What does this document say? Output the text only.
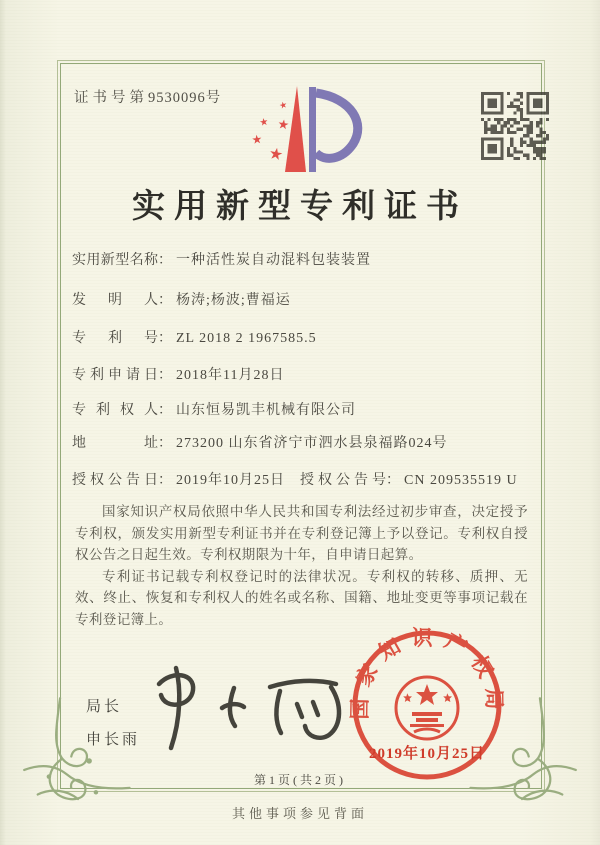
证书号第9530096号
★
★ ★
★
★
实用新型专利证书
实用新型名称： 一种活性炭自动混料包装装置
发明人： 杨涛;杨波;曹福运
专利号： ZL 2018 2 1967585.5
专利申请日： 2018年11月28日
专利权人： 山东恒易凯丰机械有限公司
地址： 273200 山东省济宁市泗水县泉福路024号
授权公告日： 2019年10月25日 授权公告号： CN 209535519 U

国家知识产权局依照中华人民共和国专利法经过初步审查，决定授予专利权，颁发实用新型专利证书并在专利登记簿上予以登记。专利权自授权公告之日起生效。专利权期限为十年，自申请日起算。

专利证书记载专利权登记时的法律状况。专利权的转移、质押、无效、终止、恢复和专利权人的姓名或名称、国籍、地址变更等事项记载在专利登记簿上。

局长
申长雨
国家知识产权局
2019年10月25日
第1页(共2页)
其他事项参见背面
